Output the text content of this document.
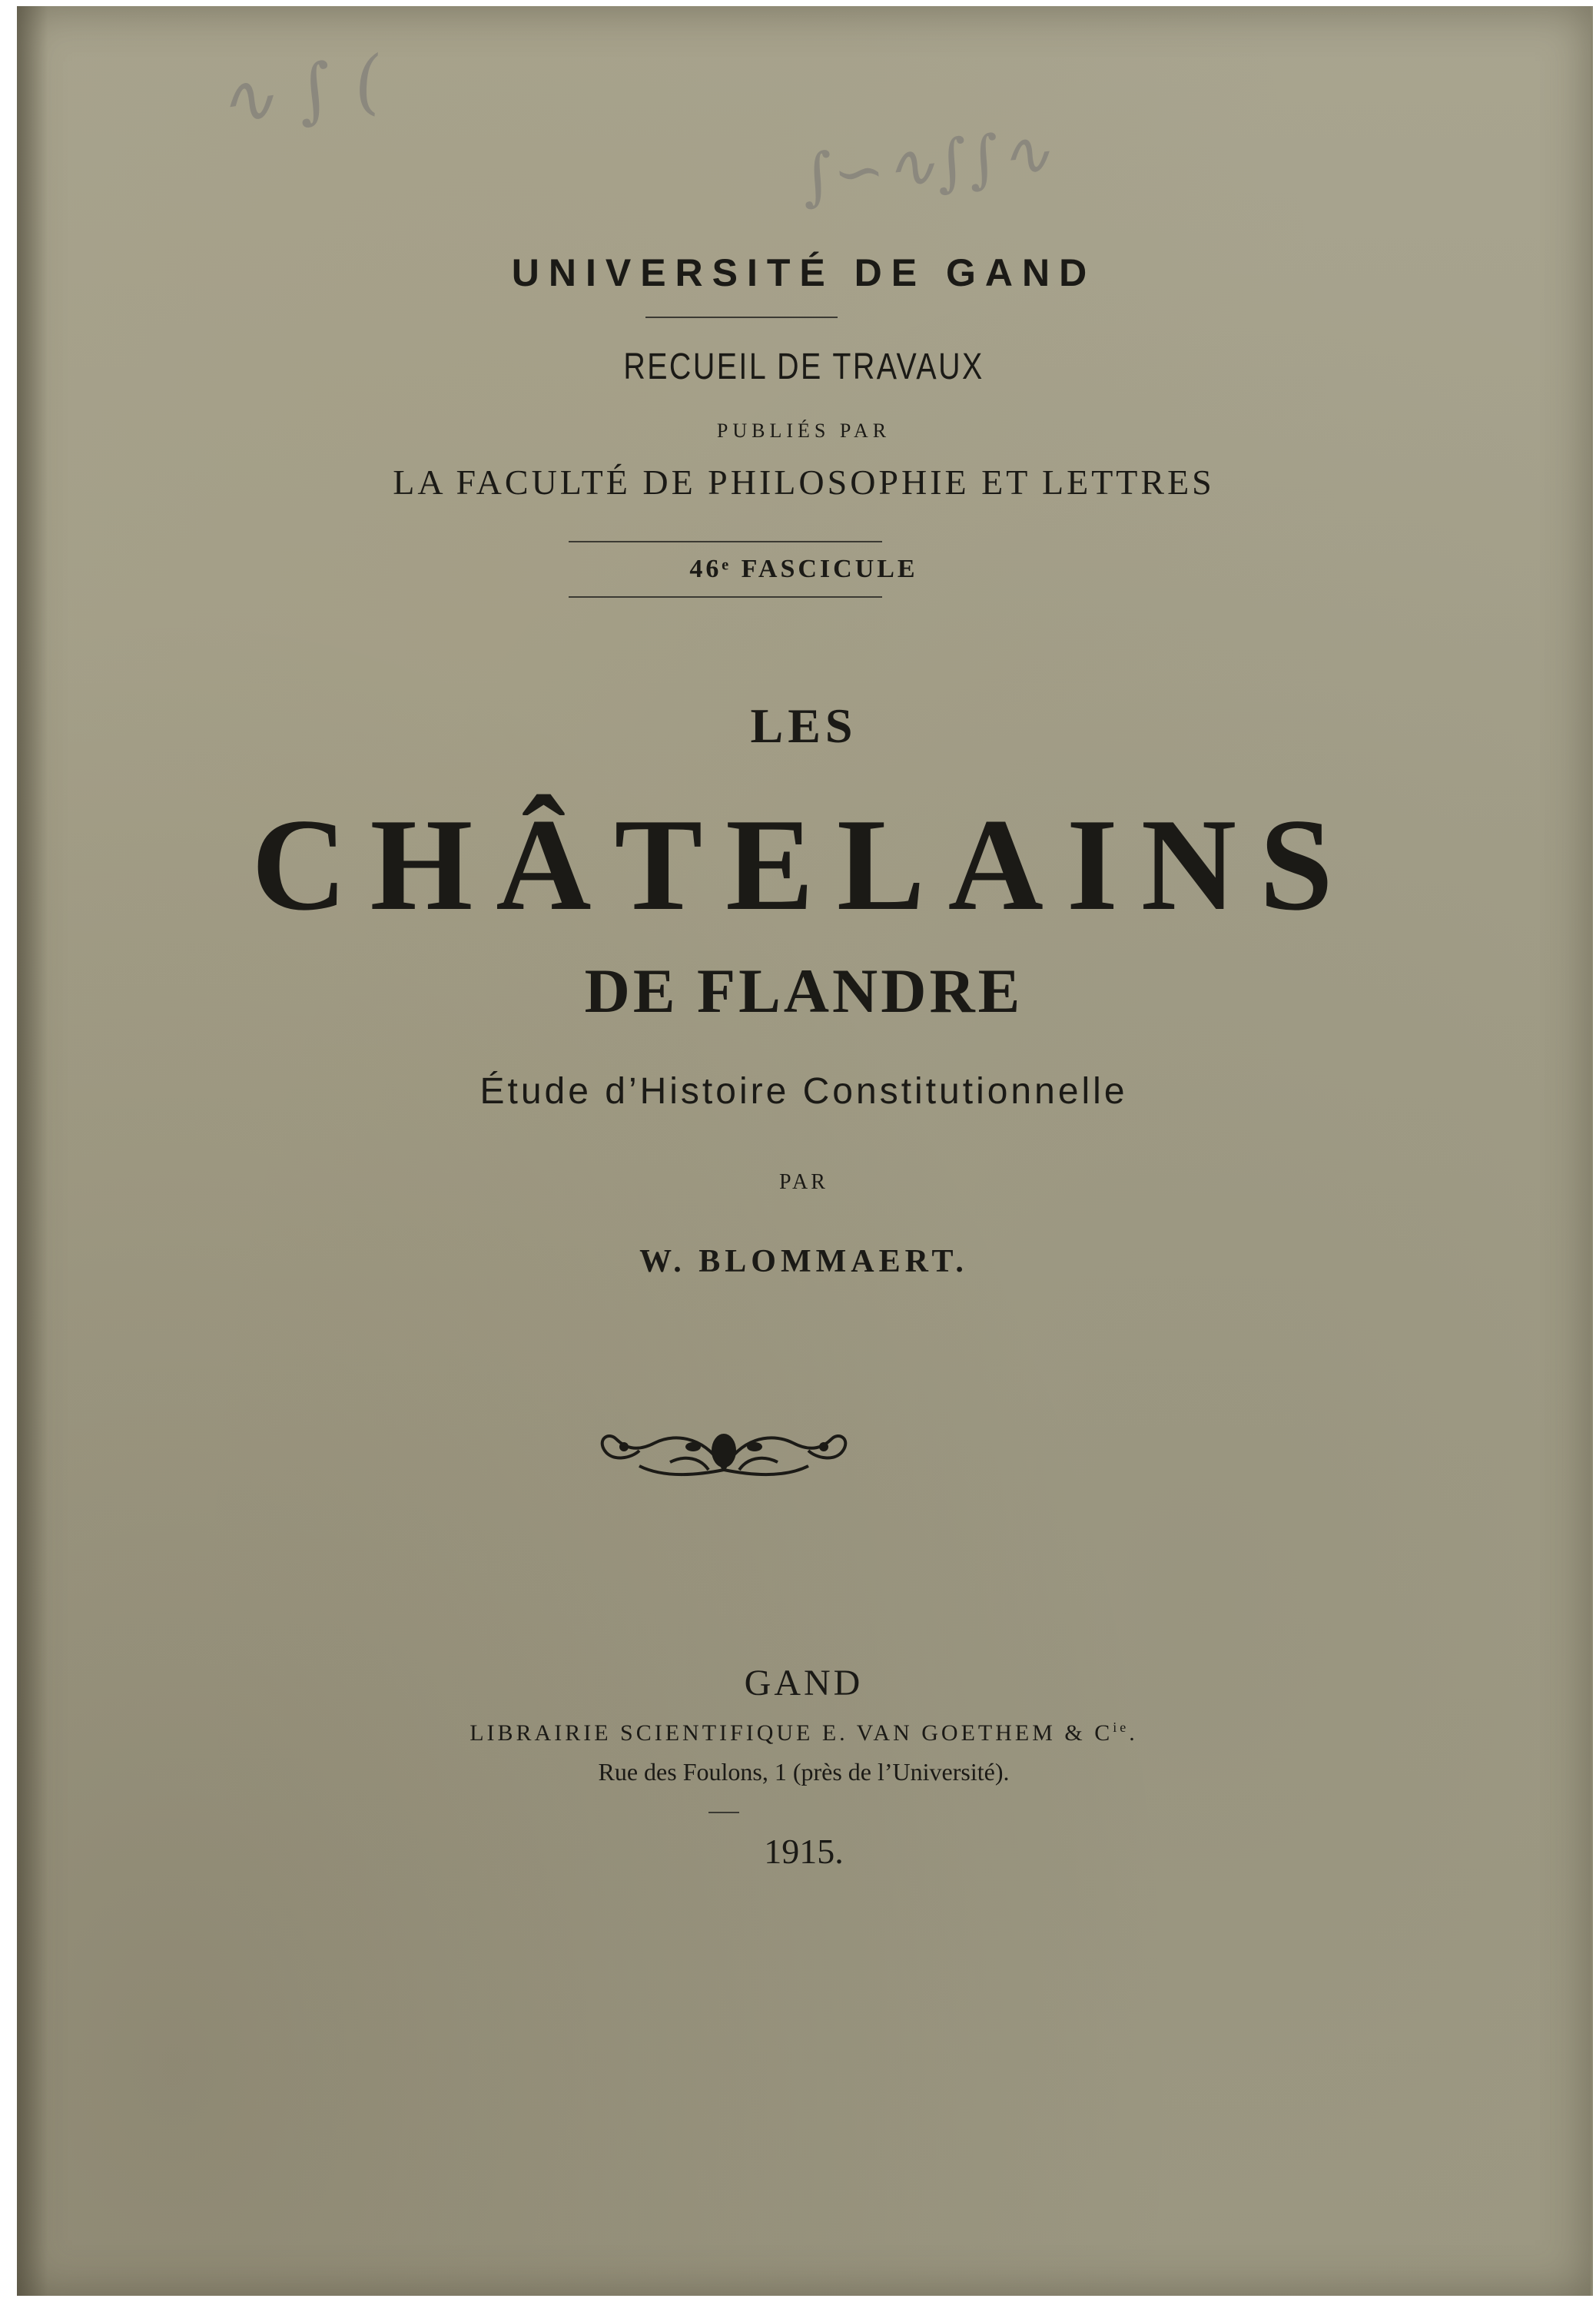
∿ ∫ (
∫∽∿∫∫∿
UNIVERSITÉ DE GAND
RECUEIL DE TRAVAUX
PUBLIÉS PAR
LA FACULTÉ DE PHILOSOPHIE ET LETTRES
46ᵉ FASCICULE
LES
CHÂTELAINS
DE FLANDRE
Étude d’Histoire Constitutionnelle
PAR
W. BLOMMAERT.
GAND
LIBRAIRIE SCIENTIFIQUE E. VAN GOETHEM & $C^{ie}$.
Rue des Foulons, 1 (près de l’Université).
1915.
